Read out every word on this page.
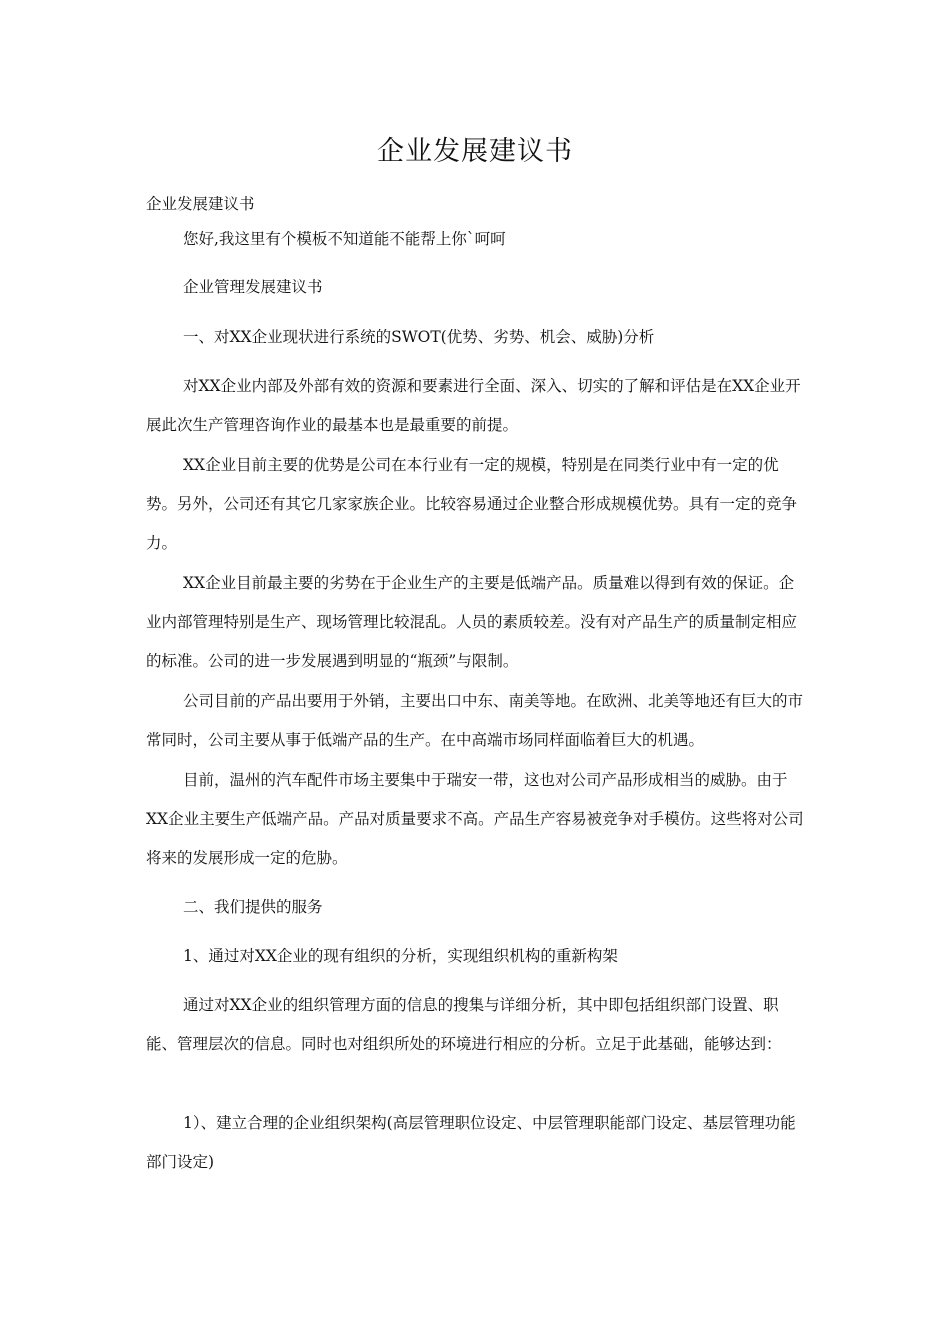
企业发展建议书
企业发展建议书

您好,我这里有个模板不知道能不能帮上你`呵呵

企业管理发展建议书

一、对XX企业现状进行系统的SWOT(优势、劣势、机会、威胁)分析

对XX企业内部及外部有效的资源和要素进行全面、深入、切实的了解和评估是在XX企业开展此次生产管理咨询作业的最基本也是最重要的前提。

XX企业目前主要的优势是公司在本行业有一定的规模，特别是在同类行业中有一定的优势。另外，公司还有其它几家家族企业。比较容易通过企业整合形成规模优势。具有一定的竞争力。

XX企业目前最主要的劣势在于企业生产的主要是低端产品。质量难以得到有效的保证。企业内部管理特别是生产、现场管理比较混乱。人员的素质较差。没有对产品生产的质量制定相应的标准。公司的进一步发展遇到明显的“瓶颈”与限制。

公司目前的产品出要用于外销，主要出口中东、南美等地。在欧洲、北美等地还有巨大的市常同时，公司主要从事于低端产品的生产。在中高端市场同样面临着巨大的机遇。

目前，温州的汽车配件市场主要集中于瑞安一带，这也对公司产品形成相当的威胁。由于XX企业主要生产低端产品。产品对质量要求不高。产品生产容易被竞争对手模仿。这些将对公司将来的发展形成一定的危胁。

二、我们提供的服务

1、通过对XX企业的现有组织的分析，实现组织机构的重新构架

通过对XX企业的组织管理方面的信息的搜集与详细分析，其中即包括组织部门设置、职能、管理层次的信息。同时也对组织所处的环境进行相应的分析。立足于此基础，能够达到：

1）、建立合理的企业组织架构(高层管理职位设定、中层管理职能部门设定、基层管理功能部门设定)
